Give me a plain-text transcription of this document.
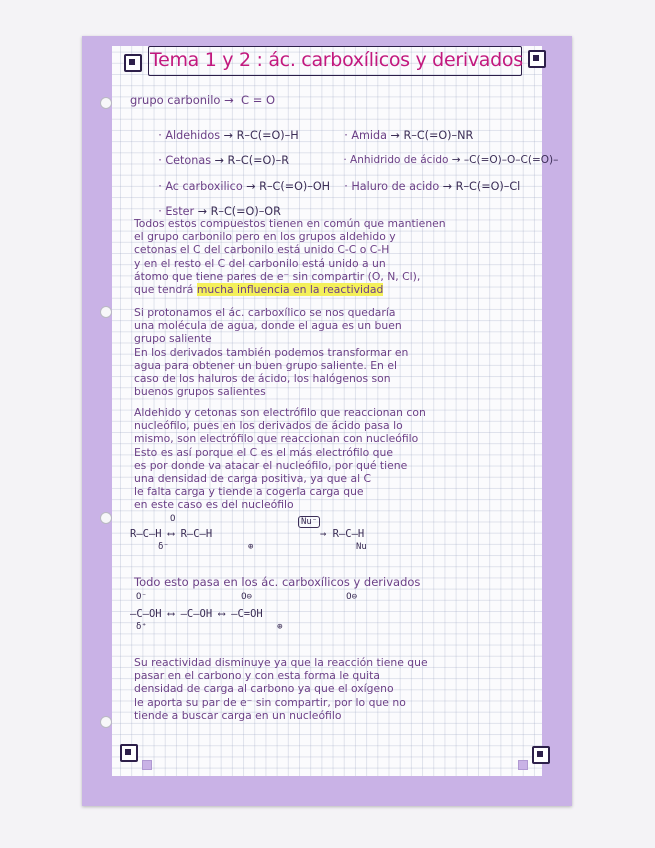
Tema 1 y 2 : ác. carboxílicos y derivados
grupo carbonilo →  C = O

· Aldehidos → R–C(=O)–H

· Cetonas → R–C(=O)–R

· Ac carboxilico → R–C(=O)–OH

· Ester → R–C(=O)–OR

· Amida → R–C(=O)–NR

· Anhidrido de ácido → –C(=O)–O–C(=O)–

· Haluro de acido → R–C(=O)–Cl

Todos estos compuestos tienen en común que mantienen
el grupo carbonilo pero en los grupos aldehido y
cetonas el C del carbonilo está unido C-C o C-H
y en el resto el C del carbonilo está unido a un
átomo que tiene pares de e⁻ sin compartir (O, N, Cl),
que tendrá mucha influencia en la reactividad
Si protonamos el ác. carboxílico se nos quedaría
una molécula de agua, donde el agua es un buen
grupo saliente
En los derivados también podemos transformar en
agua para obtener un buen grupo saliente. En el
caso de los haluros de ácido, los halógenos son
buenos grupos salientes
Aldehido y cetonas son electrófilo que reaccionan con
nucleófilo, pues en los derivados de ácido pasa lo
mismo, son electrófilo que reaccionan con nucleófilo
Esto es así porque el C es el más electrófilo que
es por donde va atacar el nucleófilo, por qué tiene
una densidad de carga positiva, ya que al C
le falta carga y tiende a cogerla carga que
en este caso es del nucleófilo
O
R–C–H ⟷ R–C–H
δ⁻	⊕
Nu⁻
→ R–C–H
Nu
Todo esto pasa en los ác. carboxílicos y derivados
O⁻   O⊖   O⊖
–C–OH ⟷ –C–OH ⟷ –C=OH
δ⁺   ⊕
Su reactividad disminuye ya que la reacción tiene que
pasar en el carbono y con esta forma le quita
densidad de carga al carbono ya que el oxígeno
le aporta su par de e⁻ sin compartir, por lo que no
tiende a buscar carga en un nucleófilo
